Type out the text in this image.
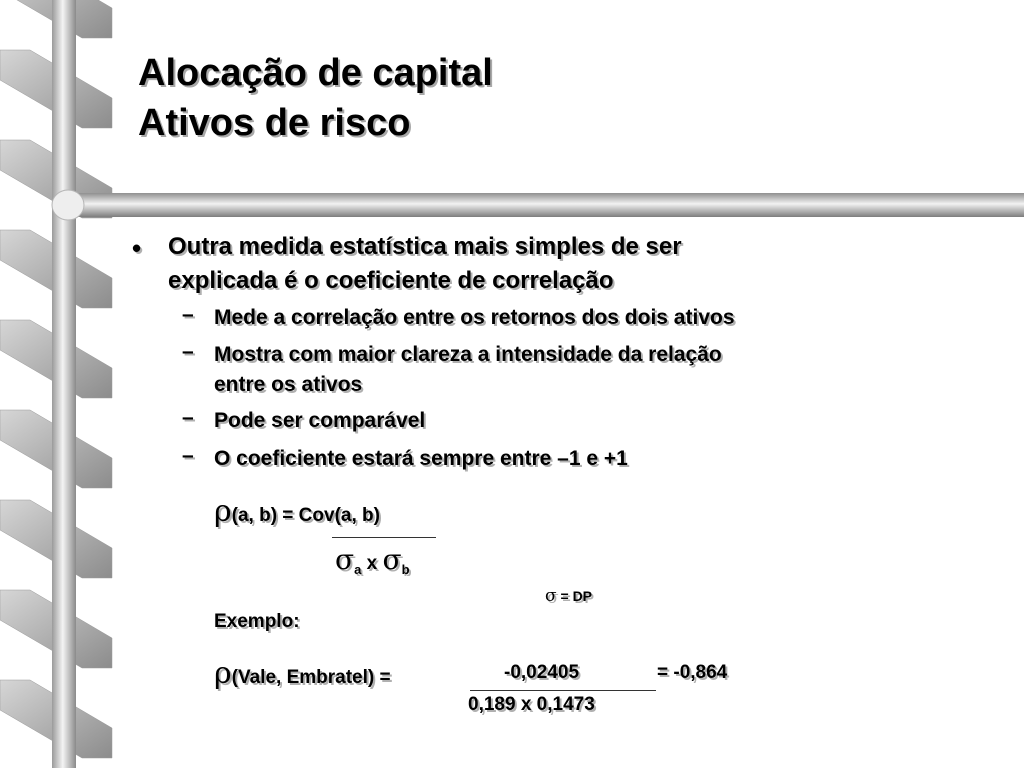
Alocação de capital
Ativos de risco
• Outra medida estatística mais simples de ser
explicada é o coeficiente de correlação
– Mede a correlação entre os retornos dos dois ativos
– Mostra com maior clareza a intensidade da relação
entre os ativos
– Pode ser comparável
– O coeficiente estará sempre entre –1 e +1
ρ(a, b) = Cov(a, b)
$\sigma_a$ x $\sigma_b$
σ = DP
Exemplo:
ρ(Vale, Embratel) =	-0,02405	= -0,864
0,189 x 0,1473
